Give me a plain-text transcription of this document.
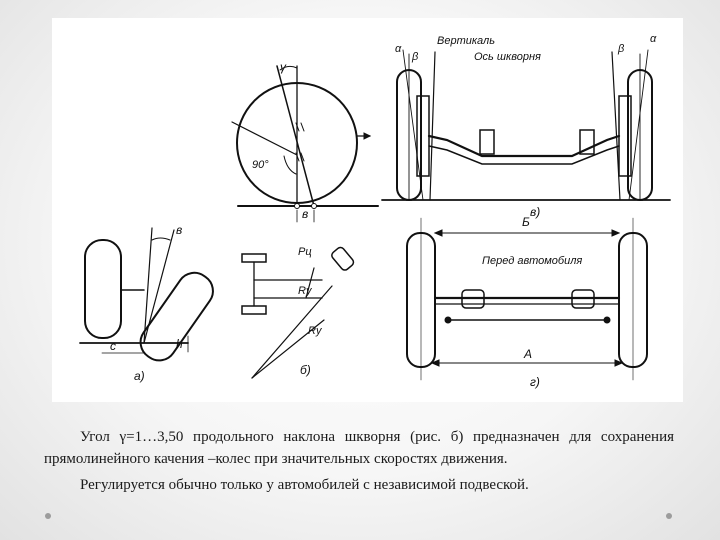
γ
90°
в
α
β
Вертикаль
Ось шкворня
α
β
в)
Б
Перед автомобиля
А
г)
в
с	h
а)
Рц
Rу
Rу
б)

Угол γ=1…3,50 продольного наклона шкворня (рис. б) предназначен для сохранения прямолинейного качения –колес при значительных скоростях движения.

Регулируется обычно только у автомобилей с независимой подвеской.
